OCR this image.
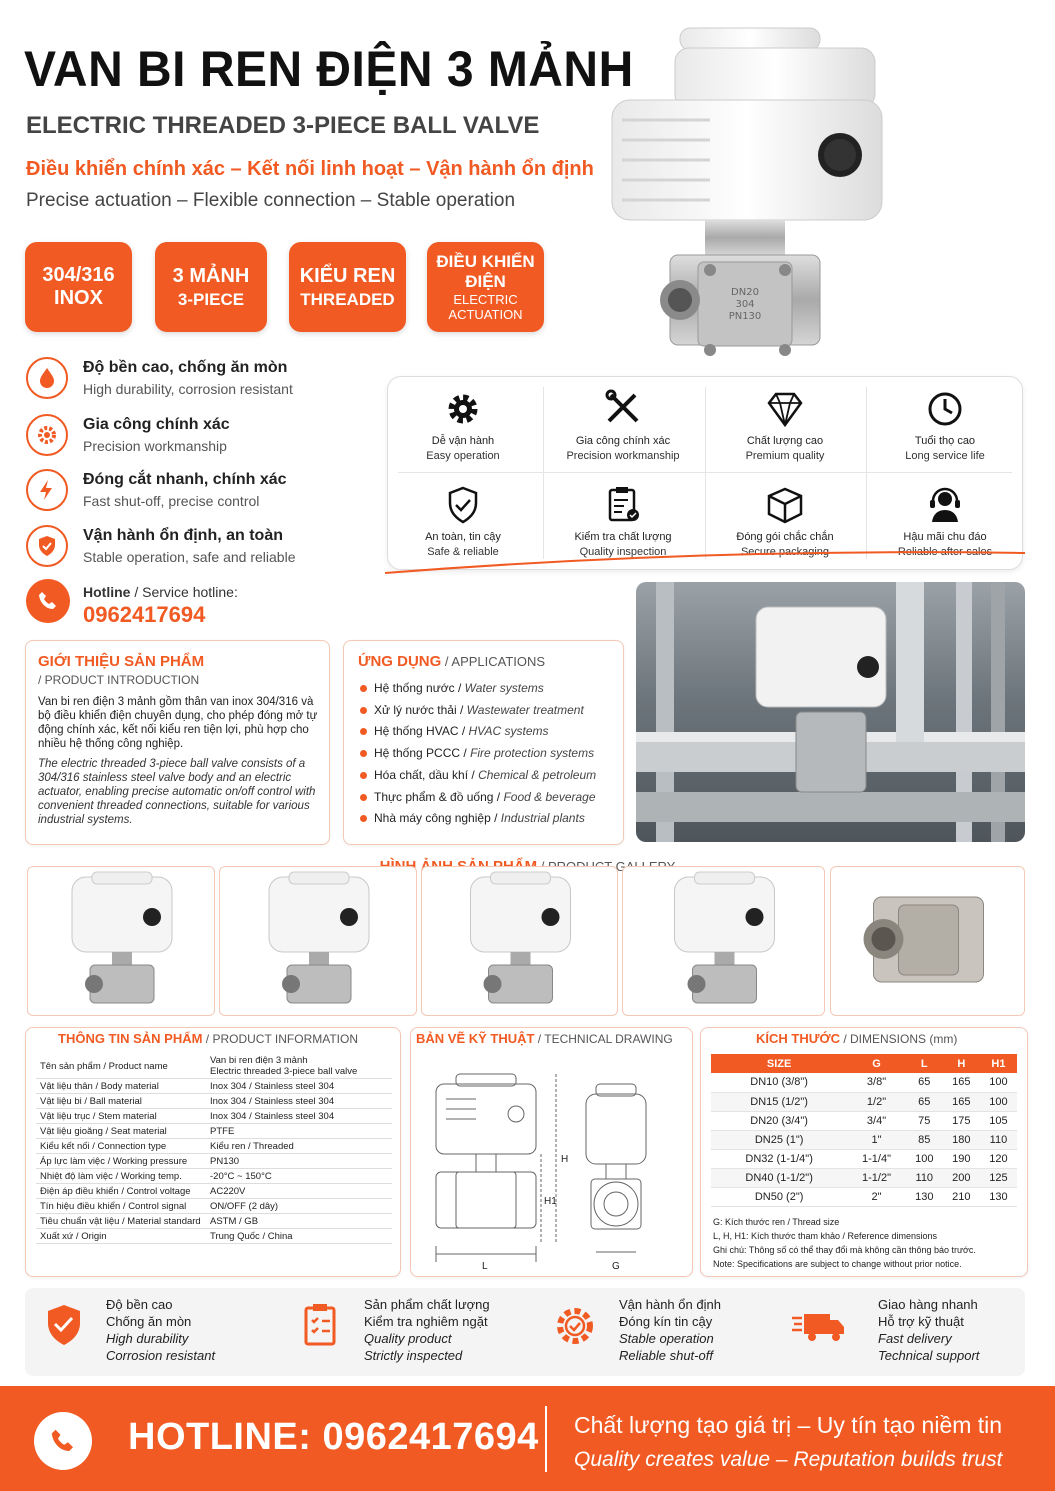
VAN BI REN ĐIỆN 3 MẢNH
ELECTRIC THREADED 3-PIECE BALL VALVE
Điều khiển chính xác – Kết nối linh hoạt – Vận hành ổn định
Precise actuation – Flexible connection – Stable operation
DN20
304
PN130
304/316
INOX
3 MẢNH
3-PIECE
KIỂU REN
THREADED
ĐIỀU KHIỂN
ĐIỆN
ELECTRIC
ACTUATION
Độ bền cao, chống ăn mòn
High durability, corrosion resistant
Gia công chính xác
Precision workmanship
Đóng cắt nhanh, chính xác
Fast shut-off, precise control
Vận hành ổn định, an toàn
Stable operation, safe and reliable
Hotline / Service hotline:
0962417694
Dễ vận hành
Easy operation
Gia công chính xác
Precision workmanship
Chất lượng cao
Premium quality
Tuổi thọ cao
Long service life
An toàn, tin cậy
Safe & reliable
Kiểm tra chất lượng
Quality inspection
Đóng gói chắc chắn
Secure packaging
Hậu mãi chu đáo
Reliable after-sales
GIỚI THIỆU SẢN PHẨM
/ PRODUCT INTRODUCTION
Van bi ren điện 3 mảnh gồm thân van inox 304/316 và bộ điều khiển điện chuyên dụng, cho phép đóng mở tự động chính xác, kết nối kiểu ren tiện lợi, phù hợp cho nhiều hệ thống công nghiệp.
The electric threaded 3-piece ball valve consists of a 304/316 stainless steel valve body and an electric actuator, enabling precise automatic on/off control with convenient threaded connections, suitable for various industrial systems.
ỨNG DỤNG / APPLICATIONS
Hệ thống nước / Water systems
Xử lý nước thải / Wastewater treatment
Hệ thống HVAC / HVAC systems
Hệ thống PCCC / Fire protection systems
Hóa chất, dầu khí / Chemical & petroleum
Thực phẩm & đồ uống / Food & beverage
Nhà máy công nghiệp / Industrial plants
THÔNG TIN SẢN PHẨM / PRODUCT INFORMATION
Tên sản phẩm / Product name	Van bi ren điện 3 mảnh
Electric threaded 3-piece ball valve
Vật liệu thân / Body material	Inox 304 / Stainless steel 304
Vật liệu bi / Ball material	Inox 304 / Stainless steel 304
Vật liệu trục / Stem material	Inox 304 / Stainless steel 304
Vật liệu gioăng / Seat material	PTFE
Kiểu kết nối / Connection type	Kiểu ren / Threaded
Áp lực làm việc / Working pressure	PN130
Nhiệt độ làm việc / Working temp.	-20°C ~ 150°C
Điện áp điều khiển / Control voltage	AC220V
Tín hiệu điều khiển / Control signal	ON/OFF (2 dây)
Tiêu chuẩn vật liệu / Material standard	ASTM / GB
Xuất xứ / Origin	Trung Quốc / China
BẢN VẼ KỸ THUẬT / TECHNICAL DRAWING
H
H1
L	G
KÍCH THƯỚC / DIMENSIONS (mm)
SIZE	G	L	H	H1
DN10 (3/8")	3/8"	65	165	100
DN15 (1/2")	1/2"	65	165	100
DN20 (3/4")	3/4"	75	175	105
DN25 (1")	1"	85	180	110
DN32 (1-1/4")	1-1/4"	100	190	120
DN40 (1-1/2")	1-1/2"	110	200	125
DN50 (2")	2"	130	210	130
G: Kích thước ren / Thread size
L, H, H1: Kích thước tham khảo / Reference dimensions
Ghi chú: Thông số có thể thay đổi mà không cần thông báo trước.
Note: Specifications are subject to change without prior notice.
Độ bền cao
Chống ăn mòn
High durability
Corrosion resistant
Sản phẩm chất lượng
Kiểm tra nghiêm ngặt
Quality product
Strictly inspected
Vận hành ổn định
Đóng kín tin cậy
Stable operation
Reliable shut-off
Giao hàng nhanh
Hỗ trợ kỹ thuật
Fast delivery
Technical support
HOTLINE: 0962417694 Chất lượng tạo giá trị – Uy tín tạo niềm tin
Quality creates value – Reputation builds trust
